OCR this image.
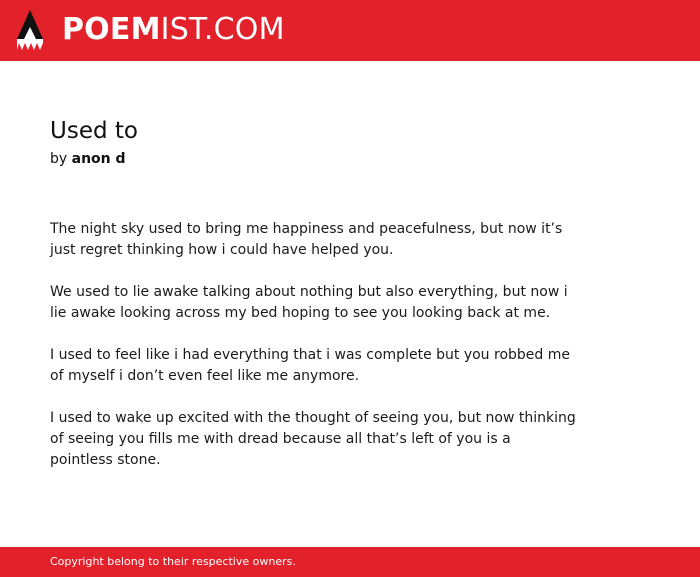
POEMIST.COM
Used to
by anon d

The night sky used to bring me happiness and peacefulness, but now it’s
just regret thinking how i could have helped you.

We used to lie awake talking about nothing but also everything, but now i
lie awake looking across my bed hoping to see you looking back at me.

I used to feel like i had everything that i was complete but you robbed me
of myself i don’t even feel like me anymore.

I used to wake up excited with the thought of seeing you, but now thinking
of seeing you fills me with dread because all that’s left of you is a
pointless stone.

Copyright belong to their respective owners.
